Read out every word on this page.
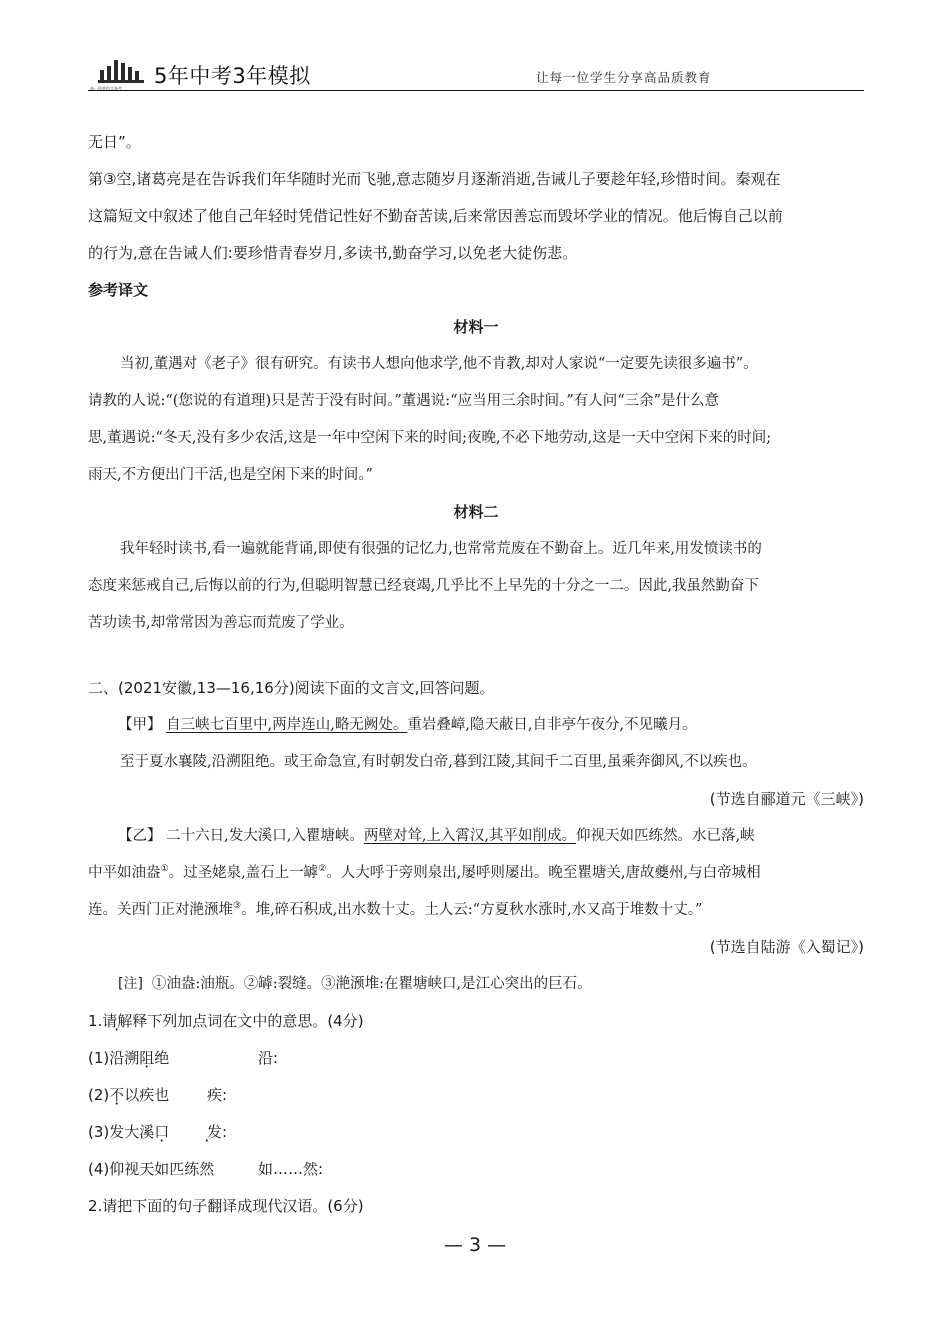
曲一线®科学备考
5年中考3年模拟	让每一位学生分享高品质教育
无日”。
第③空,诸葛亮是在告诉我们年华随时光而飞驰,意志随岁月逐渐消逝,告诫儿子要趁年轻,珍惜时间。秦观在
这篇短文中叙述了他自己年轻时凭借记性好不勤奋苦读,后来常因善忘而毁坏学业的情况。他后悔自己以前
的行为,意在告诫人们:要珍惜青春岁月,多读书,勤奋学习,以免老大徒伤悲。
参考译文
材料一
当初,董遇对《老子》很有研究。有读书人想向他求学,他不肯教,却对人家说“一定要先读很多遍书”。
请教的人说:“(您说的有道理)只是苦于没有时间。”董遇说:“应当用三余时间。”有人问“三余”是什么意
思,董遇说:“冬天,没有多少农活,这是一年中空闲下来的时间;夜晚,不必下地劳动,这是一天中空闲下来的时间;
雨天,不方便出门干活,也是空闲下来的时间。”
材料二
我年轻时读书,看一遍就能背诵,即使有很强的记忆力,也常常荒废在不勤奋上。近几年来,用发愤读书的
态度来惩戒自己,后悔以前的行为,但聪明智慧已经衰竭,几乎比不上早先的十分之一二。因此,我虽然勤奋下
苦功读书,却常常因为善忘而荒废了学业。
二、(2021安徽,13—16,16分)阅读下面的文言文,回答问题。
【甲】 自三峡七百里中,两岸连山,略无阙处。重岩叠嶂,隐天蔽日,自非亭午夜分,不见曦月。
至于夏水襄陵,沿溯阻绝。或王命急宣,有时朝发白帝,暮到江陵,其间千二百里,虽乘奔御风,不以疾也。
(节选自郦道元《三峡》)
【乙】 二十六日,发大溪口,入瞿塘峡。两壁对耸,上入霄汉,其平如削成。仰视天如匹练然。水已落,峡
中平如油盎①。过圣姥泉,盖石上一罅②。人大呼于旁则泉出,屡呼则屡出。晚至瞿塘关,唐故夔州,与白帝城相
连。关西门正对滟滪堆③。堆,碎石积成,出水数十丈。土人云:“方夏秋水涨时,水又高于堆数十丈。”
(节选自陆游《入蜀记》)
[注] ①油盎:油瓶。②罅:裂缝。③滟滪堆:在瞿塘峡口,是江心突出的巨石。
1.请解释下列加点词在文中的意思。(4分)
(1)沿溯阻绝	沿:
(2)不以疾也	疾:
(3)发大溪口	发:
(4)仰视天如匹练然	如……然:
2.请把下面的句子翻译成现代汉语。(6分)
— 3 —
